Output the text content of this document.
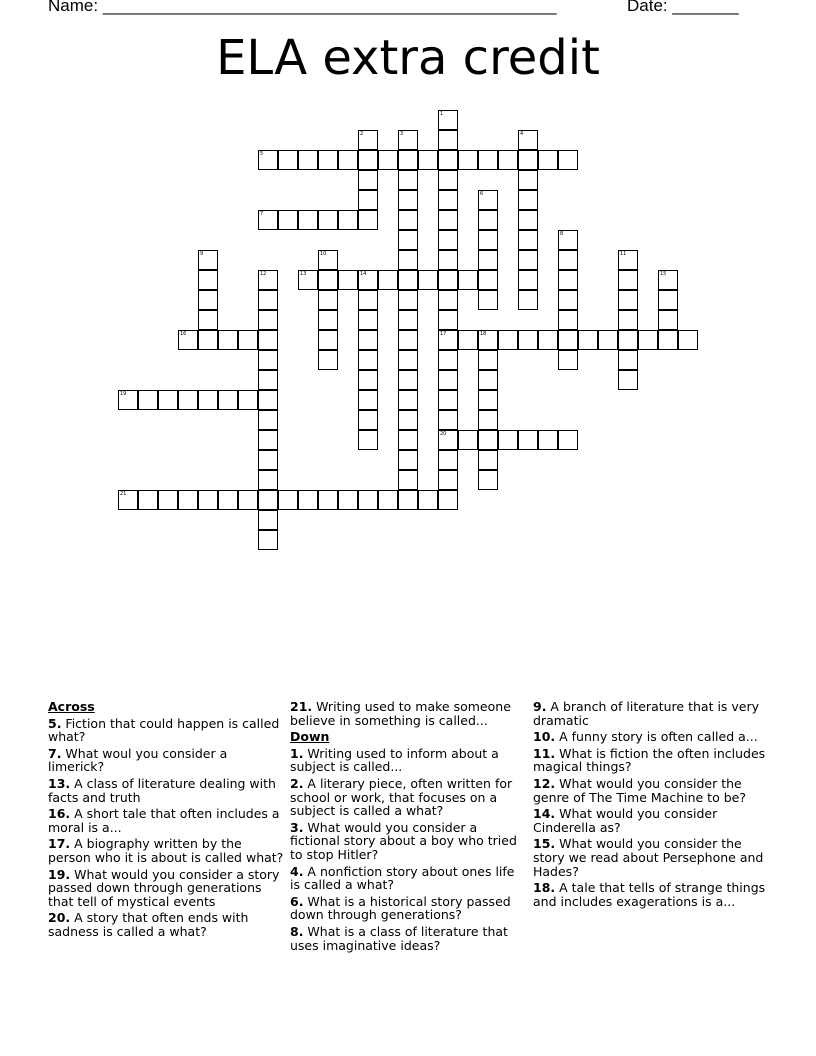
Name: ________________________________________________	Date: _______
ELA extra credit
1
17
20
2	3	4
5
6
7
8
9	10	11
12	13	14	15
16	18
19
21
Across
5. Fiction that could happen is called what?
7. What woul you consider a limerick?
13. A class of literature dealing with facts and truth
16. A short tale that often includes a moral is a...
17. A biography written by the person who it is about is called what?
19. What would you consider a story passed down through generations that tell of mystical events
20. A story that often ends with sadness is called a what?
21. Writing used to make someone believe in something is called...
Down
1. Writing used to inform about a subject is called...
2. A literary piece, often written for school or work, that focuses on a subject is called a what?
3. What would you consider a fictional story about a boy who tried to stop Hitler?
4. A nonfiction story about ones life is called a what?
6. What is a historical story passed down through generations?
8. What is a class of literature that uses imaginative ideas?
9. A branch of literature that is very dramatic
10. A funny story is often called a...
11. What is fiction the often includes magical things?
12. What would you consider the genre of The Time Machine to be?
14. What would you consider Cinderella as?
15. What would you consider the story we read about Persephone and Hades?
18. A tale that tells of strange things and includes exagerations is a...
